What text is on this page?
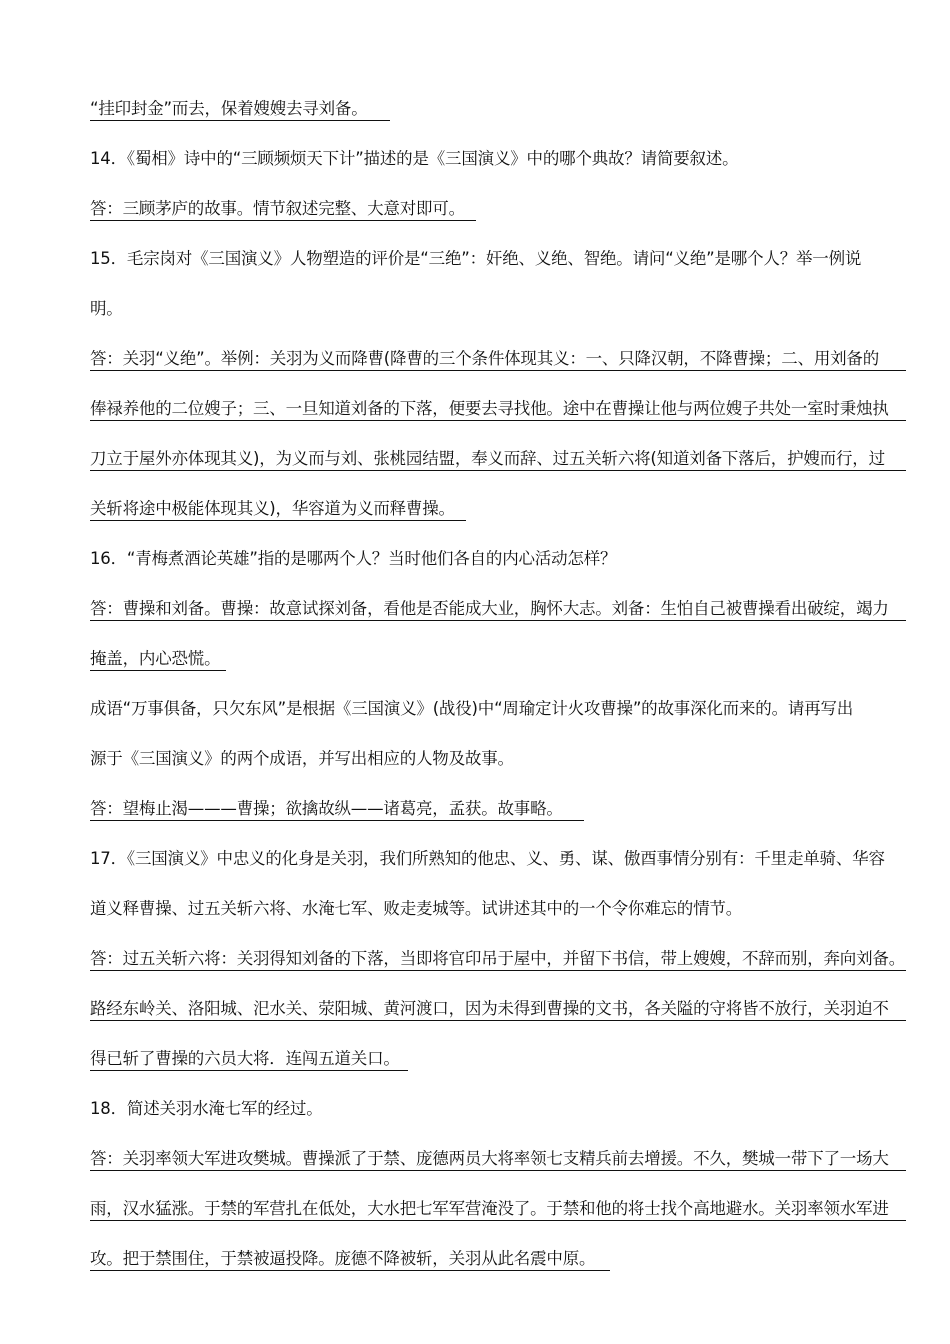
“挂印封金”而去，保着嫂嫂去寻刘备。
14．《蜀相》诗中的“三顾频烦天下计”描述的是《三国演义》中的哪个典故？请简要叙述。
答：三顾茅庐的故事。情节叙述完整、大意对即可。
15．毛宗岗对《三国演义》人物塑造的评价是“三绝”：奸绝、义绝、智绝。请问“义绝”是哪个人？举一例说
明。
答：关羽“义绝”。举例：关羽为义而降曹(降曹的三个条件体现其义：一、只降汉朝，不降曹操；二、用刘备的
俸禄养他的二位嫂子；三、一旦知道刘备的下落，便要去寻找他。途中在曹操让他与两位嫂子共处一室时秉烛执
刀立于屋外亦体现其义)，为义而与刘、张桃园结盟，奉义而辞、过五关斩六将(知道刘备下落后，护嫂而行，过
关斩将途中极能体现其义)，华容道为义而释曹操。
16．“青梅煮酒论英雄”指的是哪两个人？当时他们各自的内心活动怎样？
答：曹操和刘备。曹操：故意试探刘备，看他是否能成大业，胸怀大志。刘备：生怕自己被曹操看出破绽，竭力
掩盖，内心恐慌。
成语“万事俱备，只欠东风”是根据《三国演义》(战役)中“周瑜定计火攻曹操”的故事深化而来的。请再写出
源于《三国演义》的两个成语，并写出相应的人物及故事。
答：望梅止渴———曹操；欲擒故纵——诸葛亮，孟获。故事略。
17．《三国演义》中忠义的化身是关羽，我们所熟知的他忠、义、勇、谋、傲酉事情分别有：千里走单骑、华容
道义释曹操、过五关斩六将、水淹七军、败走麦城等。试讲述其中的一个令你难忘的情节。
答：过五关斩六将：关羽得知刘备的下落，当即将官印吊于屋中，并留下书信，带上嫂嫂，不辞而别，奔向刘备。
路经东岭关、洛阳城、汜水关、荥阳城、黄河渡口，因为未得到曹操的文书，各关隘的守将皆不放行，关羽迫不
得已斩了曹操的六员大将．连闯五道关口。
18．简述关羽水淹七军的经过。
答：关羽率领大军进攻樊城。曹操派了于禁、庞德两员大将率领七支精兵前去增援。不久，樊城一带下了一场大
雨，汉水猛涨。于禁的军营扎在低处，大水把七军军营淹没了。于禁和他的将士找个高地避水。关羽率领水军进
攻。把于禁围住，于禁被逼投降。庞德不降被斩，关羽从此名震中原。
